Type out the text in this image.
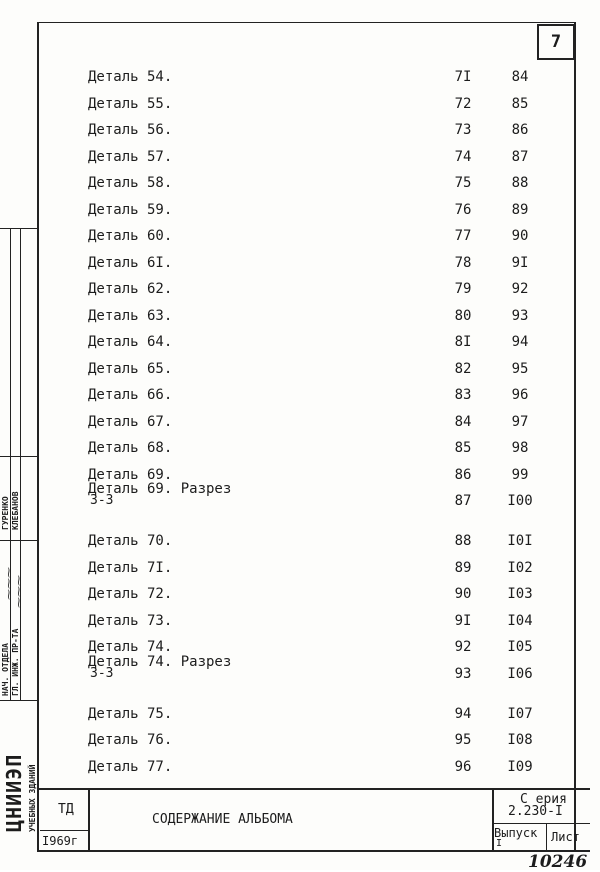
7
Деталь 54.	7I	84
Деталь 55.	72	85
Деталь 56.	73	86
Деталь 57.	74	87
Деталь 58.	75	88
Деталь 59.	76	89
Деталь 60.	77	90
Деталь 6I.	78	9I
Деталь 62.	79	92
Деталь 63.	80	93
Деталь 64.	8I	94
Деталь 65.	82	95
Деталь 66.	83	96
Деталь 67.	84	97
Деталь 68.	85	98
Деталь 69.	86	99
Деталь 69. Разрез
3-3	87	I00
Деталь 70.	88	I0I
Деталь 7I.	89	I02
Деталь 72.	90	I03
Деталь 73.	9I	I04
Деталь 74.	92	I05
Деталь 74. Разрез
3-3	93	I06
Деталь 75.	94	I07
Деталь 76.	95	I08
Деталь 77.	96	I09
ТД
I969г
СОДЕРЖАНИЕ АЛЬБОМА
С ерия
2.230-I
Выпуск
I	Лист
НАЧ. ОТДЕЛА ГЛ. ИНЖ. ПР-ТА
ГУРЕНКО КЛЕБАНОВ
⁓⁓⁓
⁓⁓⁓
ЦНИИЭП УЧЕБНЫХ ЗДАНИЙ
10246
